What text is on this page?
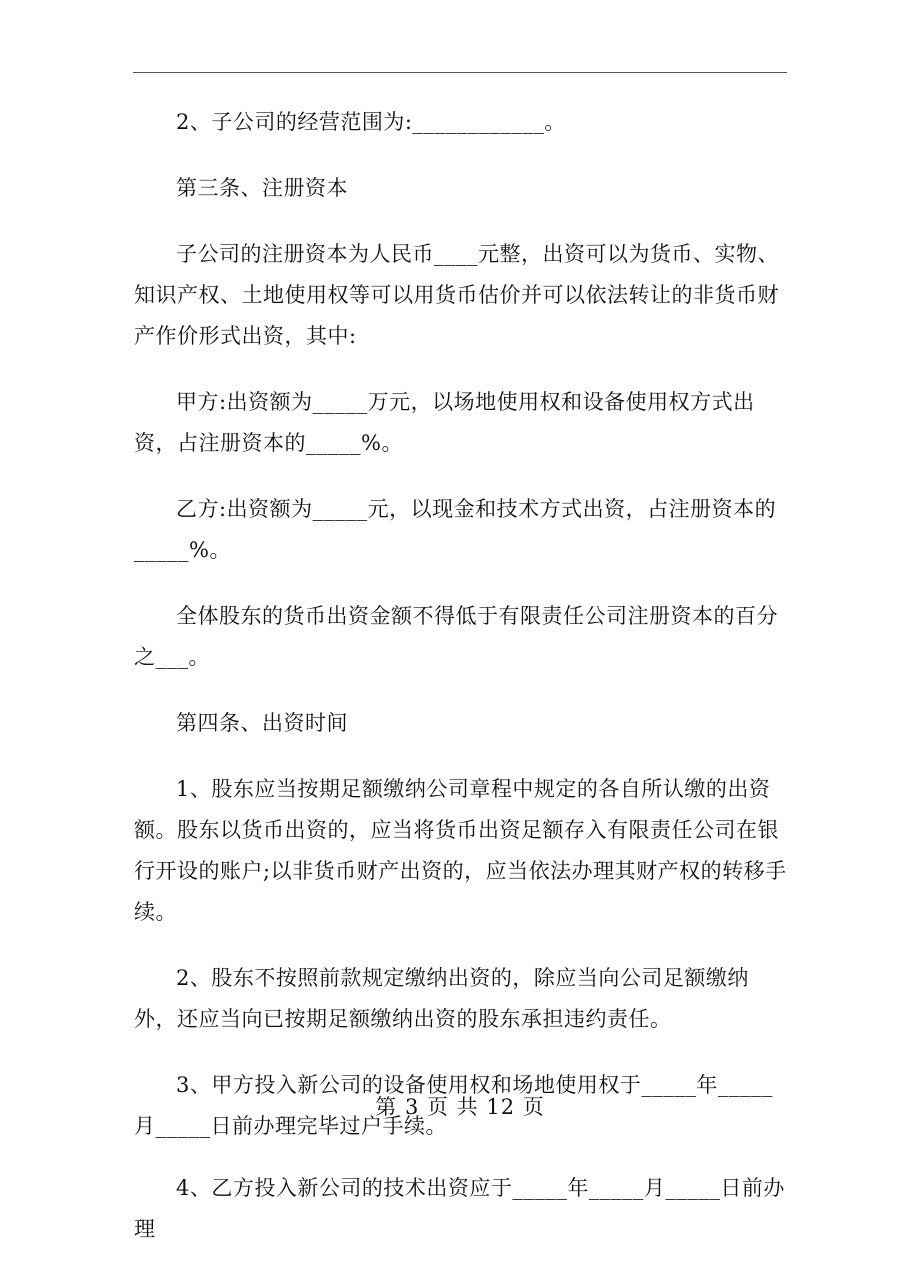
2、子公司的经营范围为:____________。

第三条、注册资本

子公司的注册资本为人民币____元整，出资可以为货币、实物、知识产权、土地使用权等可以用货币估价并可以依法转让的非货币财产作价形式出资，其中:

甲方:出资额为_____万元，以场地使用权和设备使用权方式出资，占注册资本的_____%。

乙方:出资额为_____元，以现金和技术方式出资，占注册资本的_____%。

全体股东的货币出资金额不得低于有限责任公司注册资本的百分之___。

第四条、出资时间

1、股东应当按期足额缴纳公司章程中规定的各自所认缴的出资额。股东以货币出资的，应当将货币出资足额存入有限责任公司在银行开设的账户;以非货币财产出资的，应当依法办理其财产权的转移手续。

2、股东不按照前款规定缴纳出资的，除应当向公司足额缴纳外，还应当向已按期足额缴纳出资的股东承担违约责任。

3、甲方投入新公司的设备使用权和场地使用权于_____年_____月_____日前办理完毕过户手续。

4、乙方投入新公司的技术出资应于_____年_____月_____日前办理

第 3 页 共 12 页
